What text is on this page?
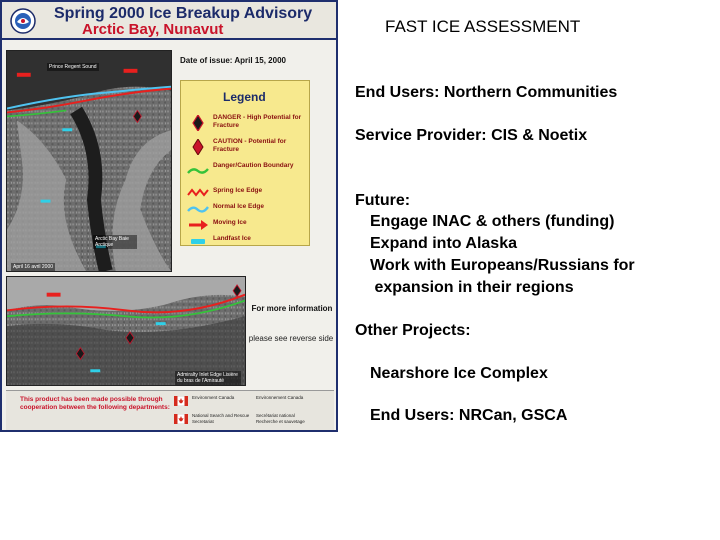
Spring 2000 Ice Breakup Advisory
Arctic Bay, Nunavut
Prince Regent Sound
Arctic Bay Baie Arctique
April 16 avril 2000
Date of issue: April 15, 2000
Legend
DANGER - High Potential for Fracture
CAUTION - Potential for Fracture
Danger/Caution Boundary
Spring Ice Edge
Normal Ice Edge
Moving Ice
Landfast Ice
Admiralty Inlet Edge Lisière du bras de l'Amirauté
For more information
please see reverse side
This product has been made possible through cooperation between the following departments:
Environment Canada	Environnement Canada
National Search and Rescue Secretariat
Secrétariat national Recherche et sauvetage
FAST ICE ASSESSMENT
End Users: Northern Communities
Service Provider: CIS & Noetix
Future:
Engage INAC & others (funding)
Expand into Alaska
Work with Europeans/Russians for
expansion in their regions
Other Projects:
Nearshore Ice Complex
End Users: NRCan, GSCA
